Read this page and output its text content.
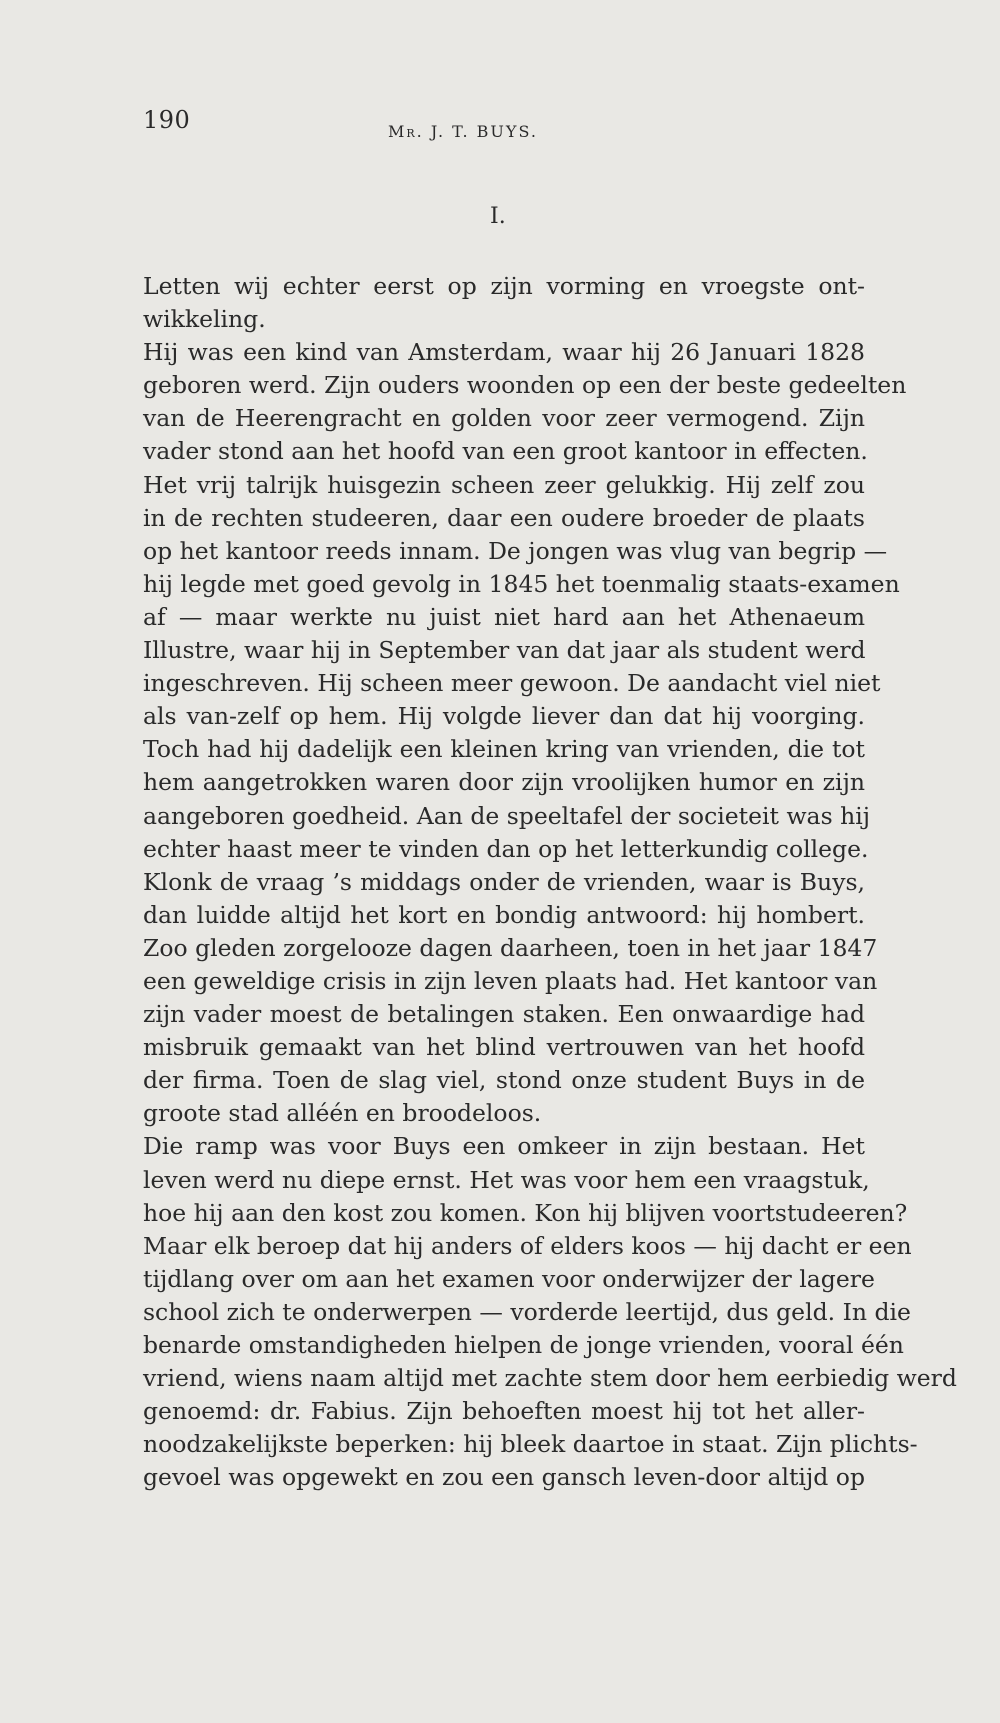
190	Mr. J. T. BUYS.
I.
Letten wij echter eerst op zijn vorming en vroegste ont-
wikkeling.
Hij was een kind van Amsterdam, waar hij 26 Januari 1828
geboren werd. Zijn ouders woonden op een der beste gedeelten
van de Heerengracht en golden voor zeer vermogend. Zijn
vader stond aan het hoofd van een groot kantoor in effecten.
Het vrij talrijk huisgezin scheen zeer gelukkig. Hij zelf zou
in de rechten studeeren, daar een oudere broeder de plaats
op het kantoor reeds innam. De jongen was vlug van begrip —
hij legde met goed gevolg in 1845 het toenmalig staats-examen
af — maar werkte nu juist niet hard aan het Athenaeum
Illustre, waar hij in September van dat jaar als student werd
ingeschreven. Hij scheen meer gewoon. De aandacht viel niet
als van-zelf op hem. Hij volgde liever dan dat hij voorging.
Toch had hij dadelijk een kleinen kring van vrienden, die tot
hem aangetrokken waren door zijn vroolijken humor en zijn
aangeboren goedheid. Aan de speeltafel der societeit was hij
echter haast meer te vinden dan op het letterkundig college.
Klonk de vraag ’s middags onder de vrienden, waar is Buys,
dan luidde altijd het kort en bondig antwoord: hij hombert.
Zoo gleden zorgelooze dagen daarheen, toen in het jaar 1847
een geweldige crisis in zijn leven plaats had. Het kantoor van
zijn vader moest de betalingen staken. Een onwaardige had
misbruik gemaakt van het blind vertrouwen van het hoofd
der firma. Toen de slag viel, stond onze student Buys in de
groote stad alléén en broodeloos.
Die ramp was voor Buys een omkeer in zijn bestaan. Het
leven werd nu diepe ernst. Het was voor hem een vraagstuk,
hoe hij aan den kost zou komen. Kon hij blijven voortstudeeren?
Maar elk beroep dat hij anders of elders koos — hij dacht er een
tijdlang over om aan het examen voor onderwijzer der lagere
school zich te onderwerpen — vorderde leertijd, dus geld. In die
benarde omstandigheden hielpen de jonge vrienden, vooral één
vriend, wiens naam altijd met zachte stem door hem eerbiedig werd
genoemd: dr. Fabius. Zijn behoeften moest hij tot het aller-
noodzakelijkste beperken: hij bleek daartoe in staat. Zijn plichts-
gevoel was opgewekt en zou een gansch leven-door altijd op
